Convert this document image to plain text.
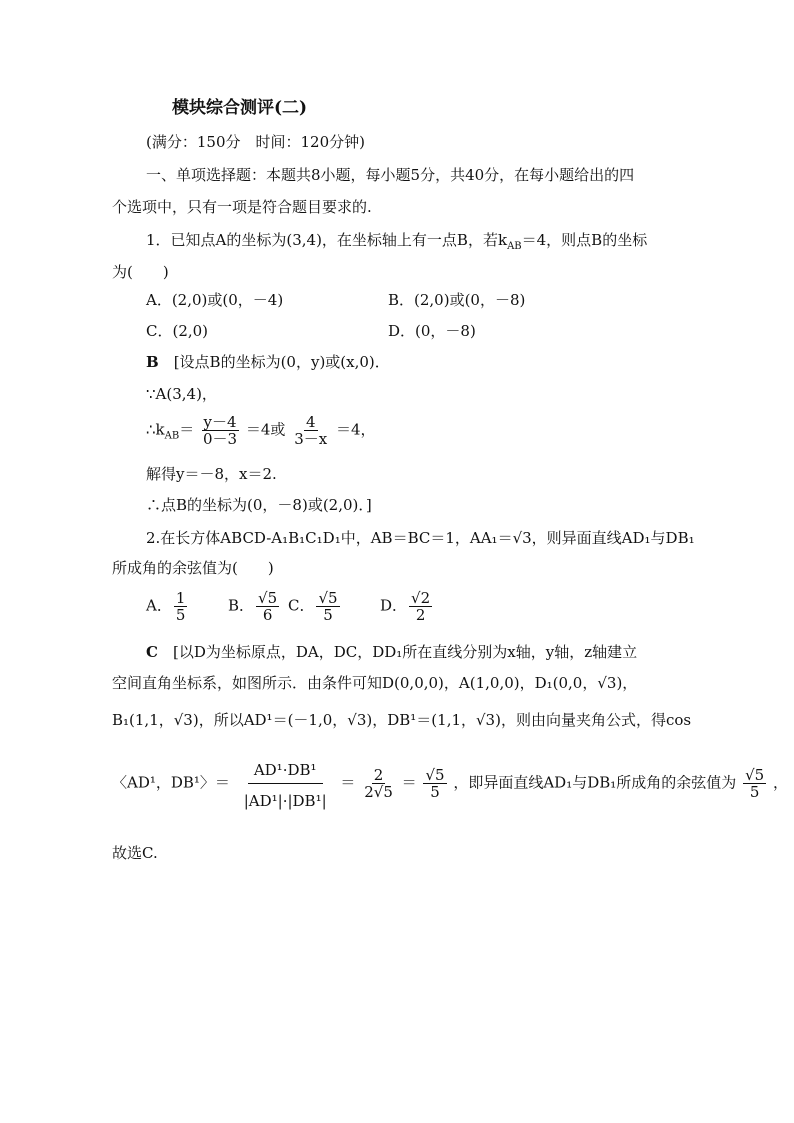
模块综合测评(二)
(满分：150分　时间：120分钟)
一、单项选择题：本题共8小题，每小题5分，共40分，在每小题给出的四
个选项中，只有一项是符合题目要求的.
1．已知点A的坐标为(3,4)，在坐标轴上有一点B，若$k_{AB}=4$，则点B的坐标
为(　　)
A．(2,0)或(0，－4)	B．(2,0)或(0，－8)
C．(2,0)	D．(0，－8)
B　 [设点B的坐标为(0，y)或(x,0)．
∵A(3,4)，
$\therefore k_{AB}= \frac{y-4}{0-3} =4$或 $\frac{4}{3-x} =4$，
解得y＝－8，x＝2.
∴点B的坐标为(0，－8)或(2,0)．]
2.在长方体ABCD-A₁B₁C₁D₁中，AB＝BC＝1，AA₁＝√3，则异面直线AD₁与DB₁
所成角的余弦值为(　　)
A． $\frac{1}{5}$	B． $\frac{√5}{6}$ C． $\frac{√5}{5}$	D． $\frac{√2}{2}$
C　 [以D为坐标原点，DA，DC，DD₁所在直线分别为x轴，y轴，z轴建立
空间直角坐标系，如图所示．由条件可知D(0,0,0)，A(1,0,0)，D₁(0,0，√3)，
B₁(1,1，√3)，所以AD¹＝(－1,0，√3)，DB¹＝(1,1，√3)，则由向量夹角公式，得cos
〈AD¹，DB¹〉＝ $\frac{\text{AD¹·DB¹}}{\text{|AD¹|·|DB¹|}} = \frac{2}{2√5} = \frac{√5}{5}$ ，即异面直线AD₁与DB₁所成角的余弦值为 $\frac{√5}{5}$ ，
故选C.
